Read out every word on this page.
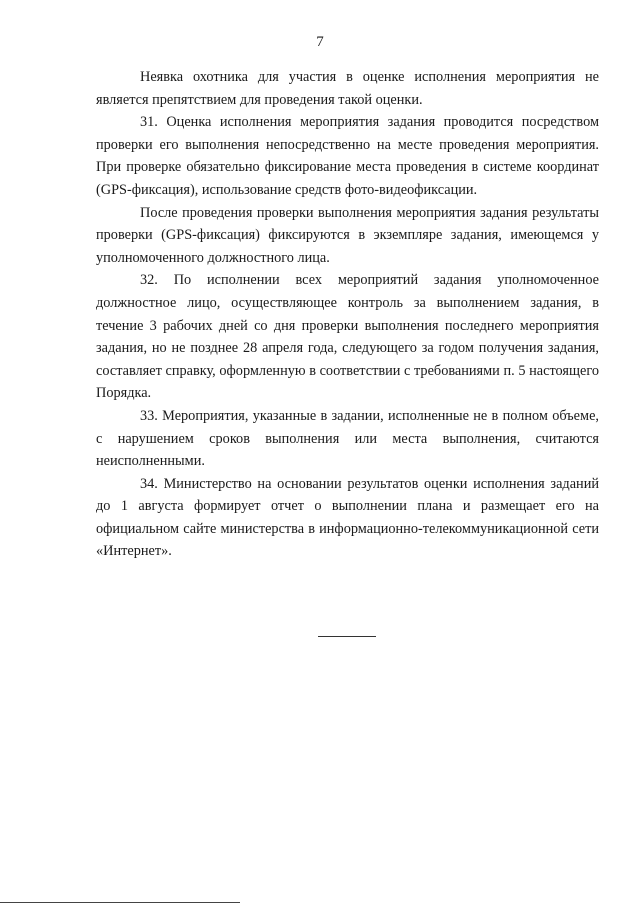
7

Неявка охотника для участия в оценке исполнения мероприятия не является препятствием для проведения такой оценки.

31. Оценка исполнения мероприятия задания проводится посредством проверки его выполнения непосредственно на месте проведения мероприятия. При проверке обязательно фиксирование места проведения в системе координат (GPS-фиксация), использование средств фото-видеофиксации.

После проведения проверки выполнения мероприятия задания результаты проверки (GPS-фиксация) фиксируются в экземпляре задания, имеющемся у уполномоченного должностного лица.

32. По исполнении всех мероприятий задания уполномоченное должностное лицо, осуществляющее контроль за выполнением задания, в течение 3 рабочих дней со дня проверки выполнения последнего мероприятия задания, но не позднее 28 апреля года, следующего за годом получения задания, составляет справку, оформленную в соответствии с требованиями п. 5 настоящего Порядка.

33. Мероприятия, указанные в задании, исполненные не в полном объеме, с нарушением сроков выполнения или места выполнения, считаются неисполненными.

34. Министерство на основании результатов оценки исполнения заданий до 1 августа формирует отчет о выполнении плана и размещает его на официальном сайте министерства в информационно-телекоммуникационной сети «Интернет».
